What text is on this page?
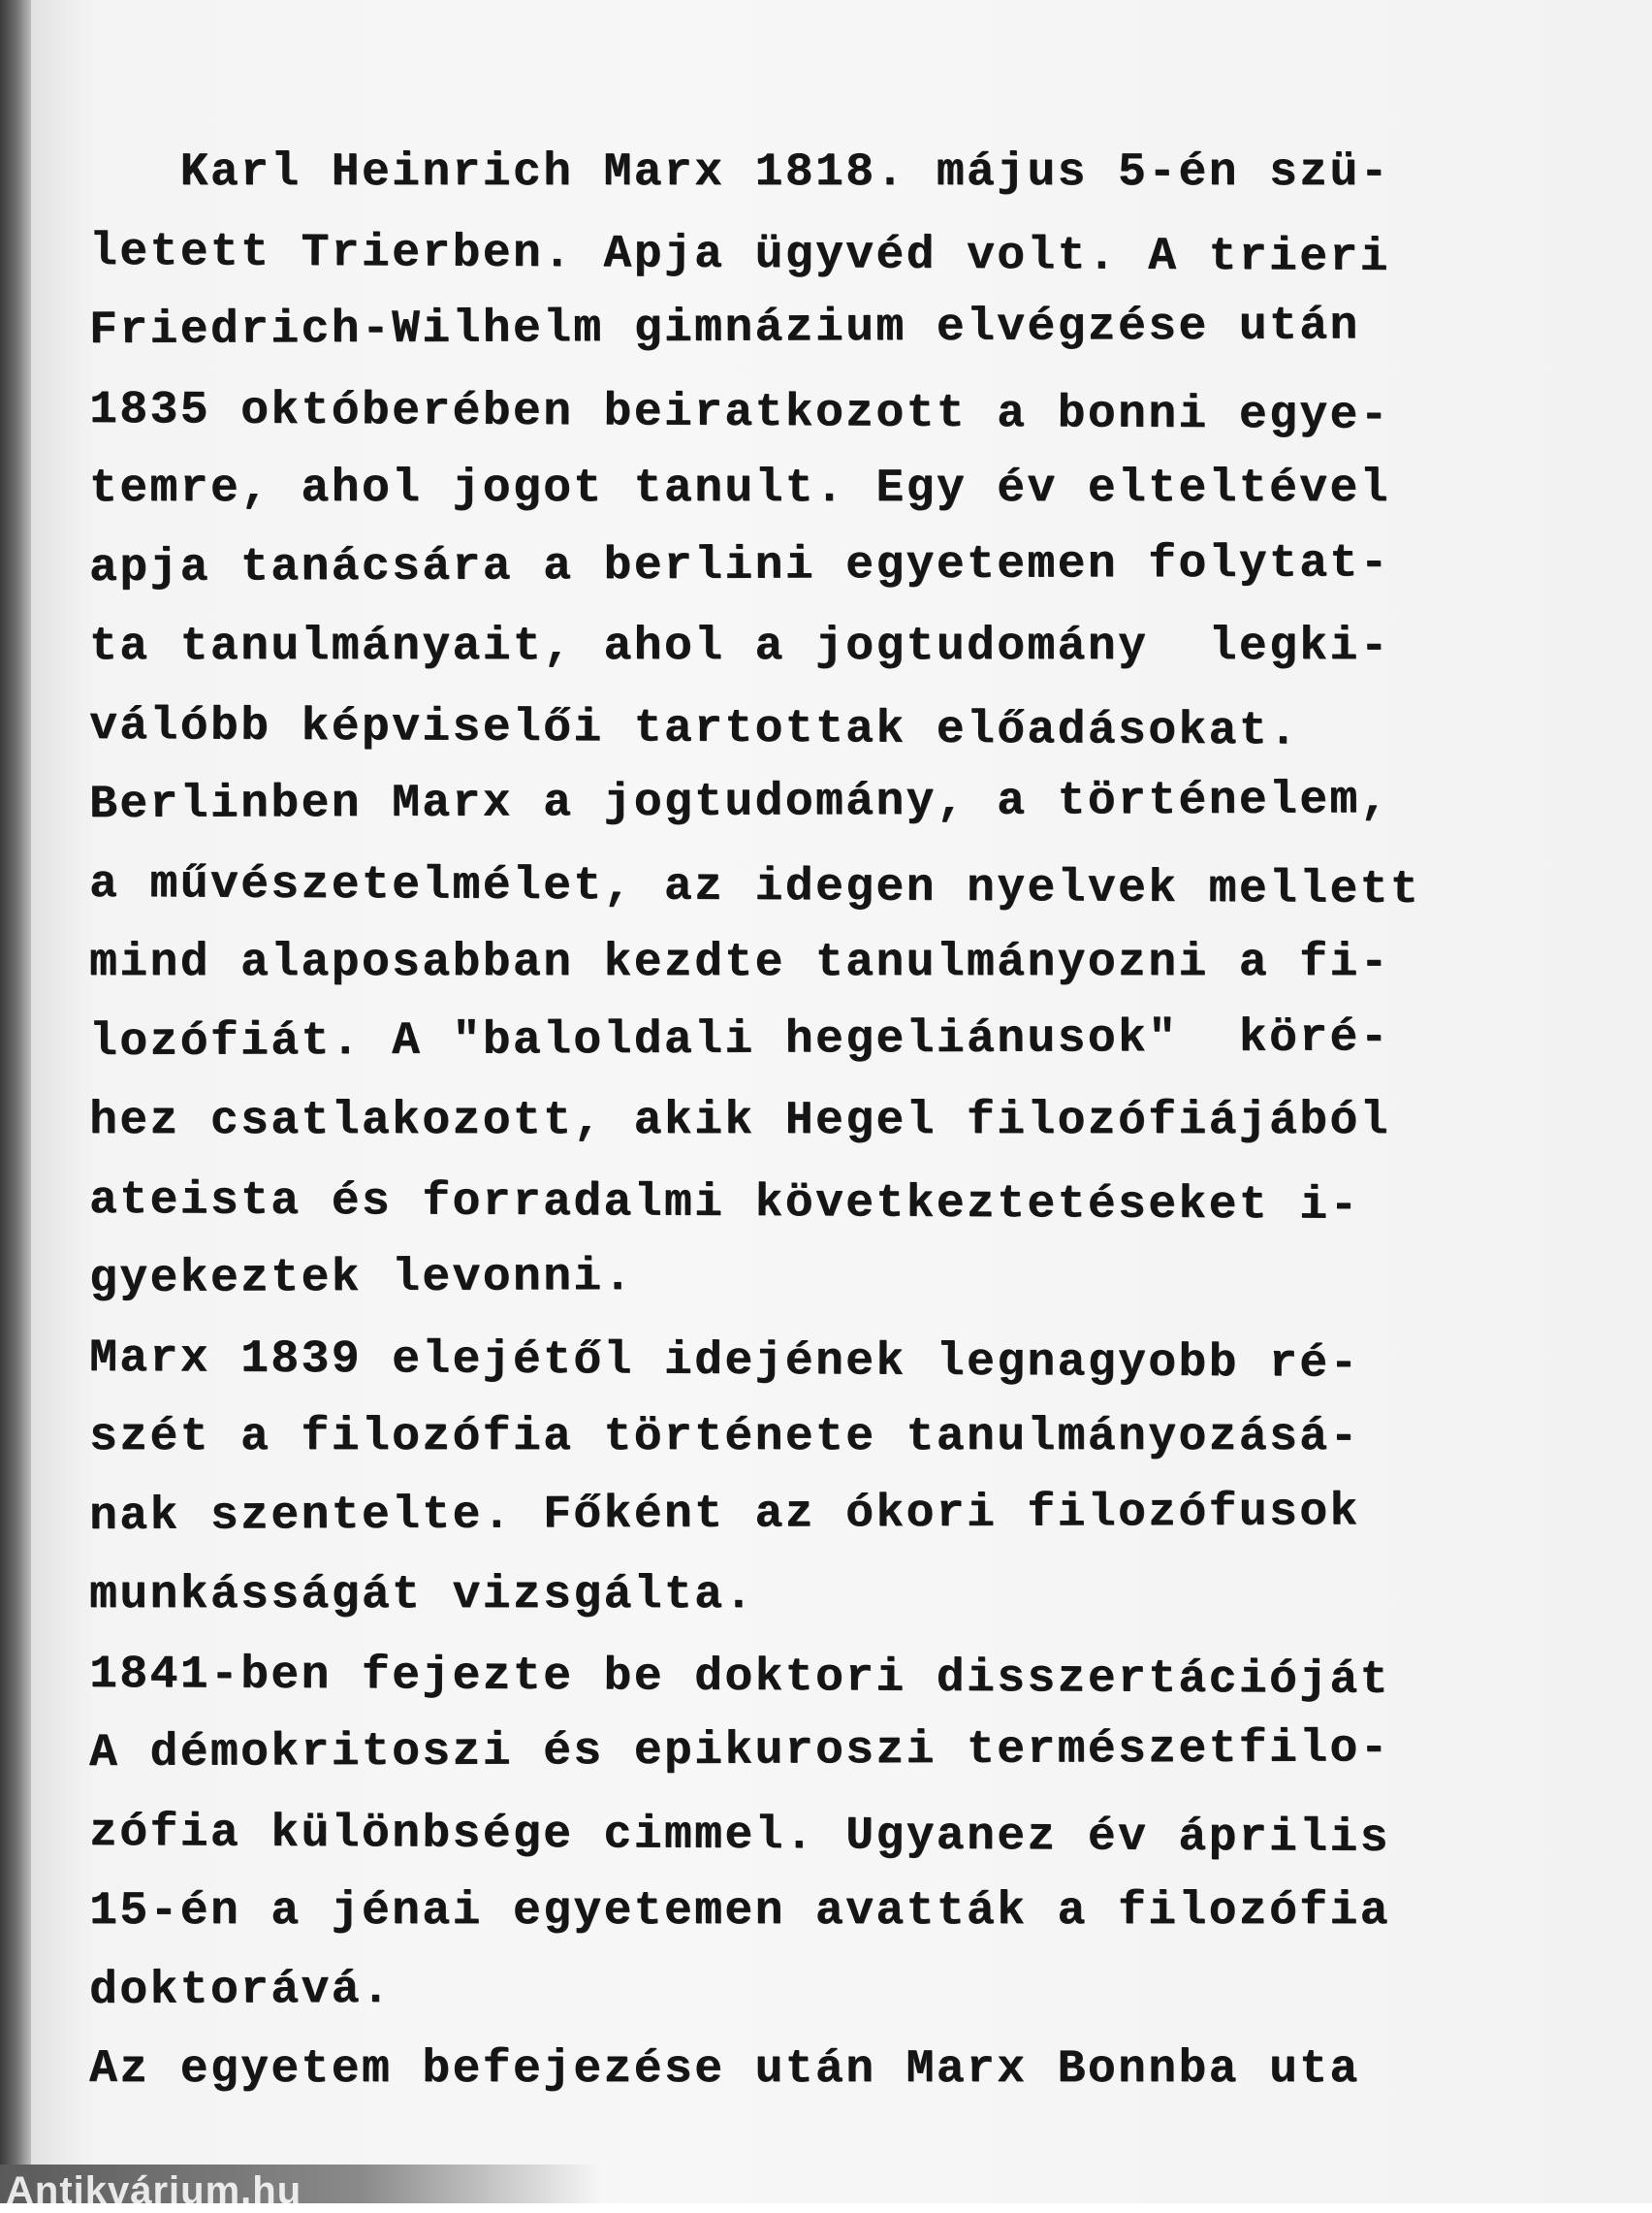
Karl Heinrich Marx 1818. május 5-én szü-
letett Trierben. Apja ügyvéd volt. A trieri
Friedrich-Wilhelm gimnázium elvégzése után
1835 októberében beiratkozott a bonni egye-
temre, ahol jogot tanult. Egy év elteltével
apja tanácsára a berlini egyetemen folytat-
ta tanulmányait, ahol a jogtudomány  legki-
válóbb képviselői tartottak előadásokat.
Berlinben Marx a jogtudomány, a történelem,
a művészetelmélet, az idegen nyelvek mellett
mind alaposabban kezdte tanulmányozni a fi-
lozófiát. A "baloldali hegeliánusok"  köré-
hez csatlakozott, akik Hegel filozófiájából
ateista és forradalmi következtetéseket i-
gyekeztek levonni.
Marx 1839 elejétől idejének legnagyobb ré-
szét a filozófia története tanulmányozásá-
nak szentelte. Főként az ókori filozófusok
munkásságát vizsgálta.
1841-ben fejezte be doktori disszertációját
A démokritoszi és epikuroszi természetfilo-
zófia különbsége cimmel. Ugyanez év április
15-én a jénai egyetemen avatták a filozófia
doktorává.
Az egyetem befejezése után Marx Bonnba uta
Antikvárium.hu
